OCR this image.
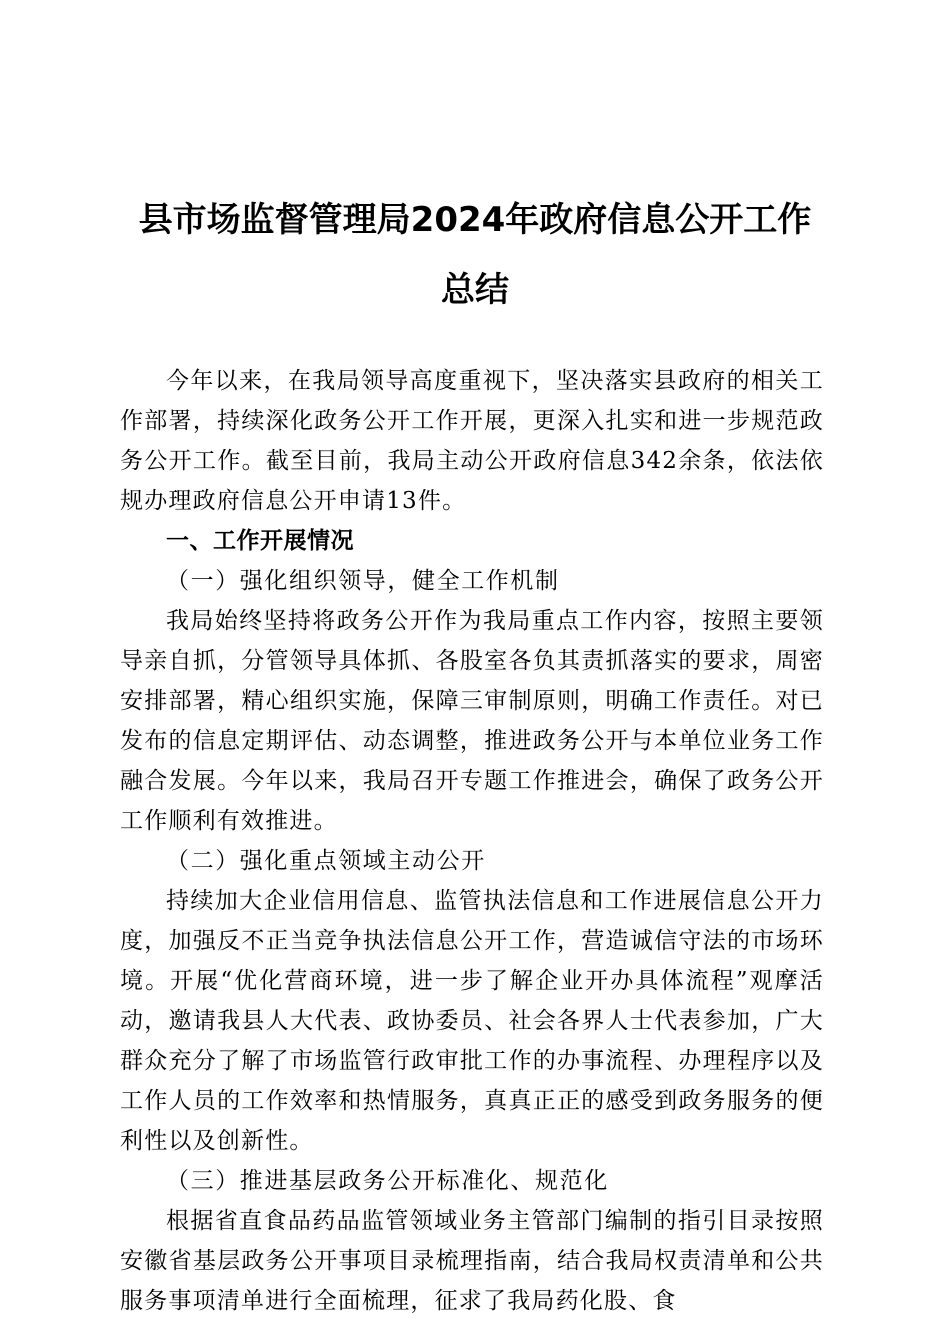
县市场监督管理局2024年政府信息公开工作
总结

今年以来，在我局领导高度重视下，坚决落实县政府的相关工作部署，持续深化政务公开工作开展，更深入扎实和进一步规范政务公开工作。截至目前，我局主动公开政府信息342余条，依法依规办理政府信息公开申请13件。

一、工作开展情况

（一）强化组织领导，健全工作机制

我局始终坚持将政务公开作为我局重点工作内容，按照主要领导亲自抓，分管领导具体抓、各股室各负其责抓落实的要求，周密安排部署，精心组织实施，保障三审制原则，明确工作责任。对已发布的信息定期评估、动态调整，推进政务公开与本单位业务工作融合发展。今年以来，我局召开专题工作推进会，确保了政务公开工作顺利有效推进。

（二）强化重点领域主动公开

持续加大企业信用信息、监管执法信息和工作进展信息公开力度，加强反不正当竞争执法信息公开工作，营造诚信守法的市场环境。开展“优化营商环境，进一步了解企业开办具体流程”观摩活动，邀请我县人大代表、政协委员、社会各界人士代表参加，广大群众充分了解了市场监管行政审批工作的办事流程、办理程序以及工作人员的工作效率和热情服务，真真正正的感受到政务服务的便利性以及创新性。

（三）推进基层政务公开标准化、规范化

根据省直食品药品监管领域业务主管部门编制的指引目录按照安徽省基层政务公开事项目录梳理指南，结合我局权责清单和公共服务事项清单进行全面梳理，征求了我局药化股、食
